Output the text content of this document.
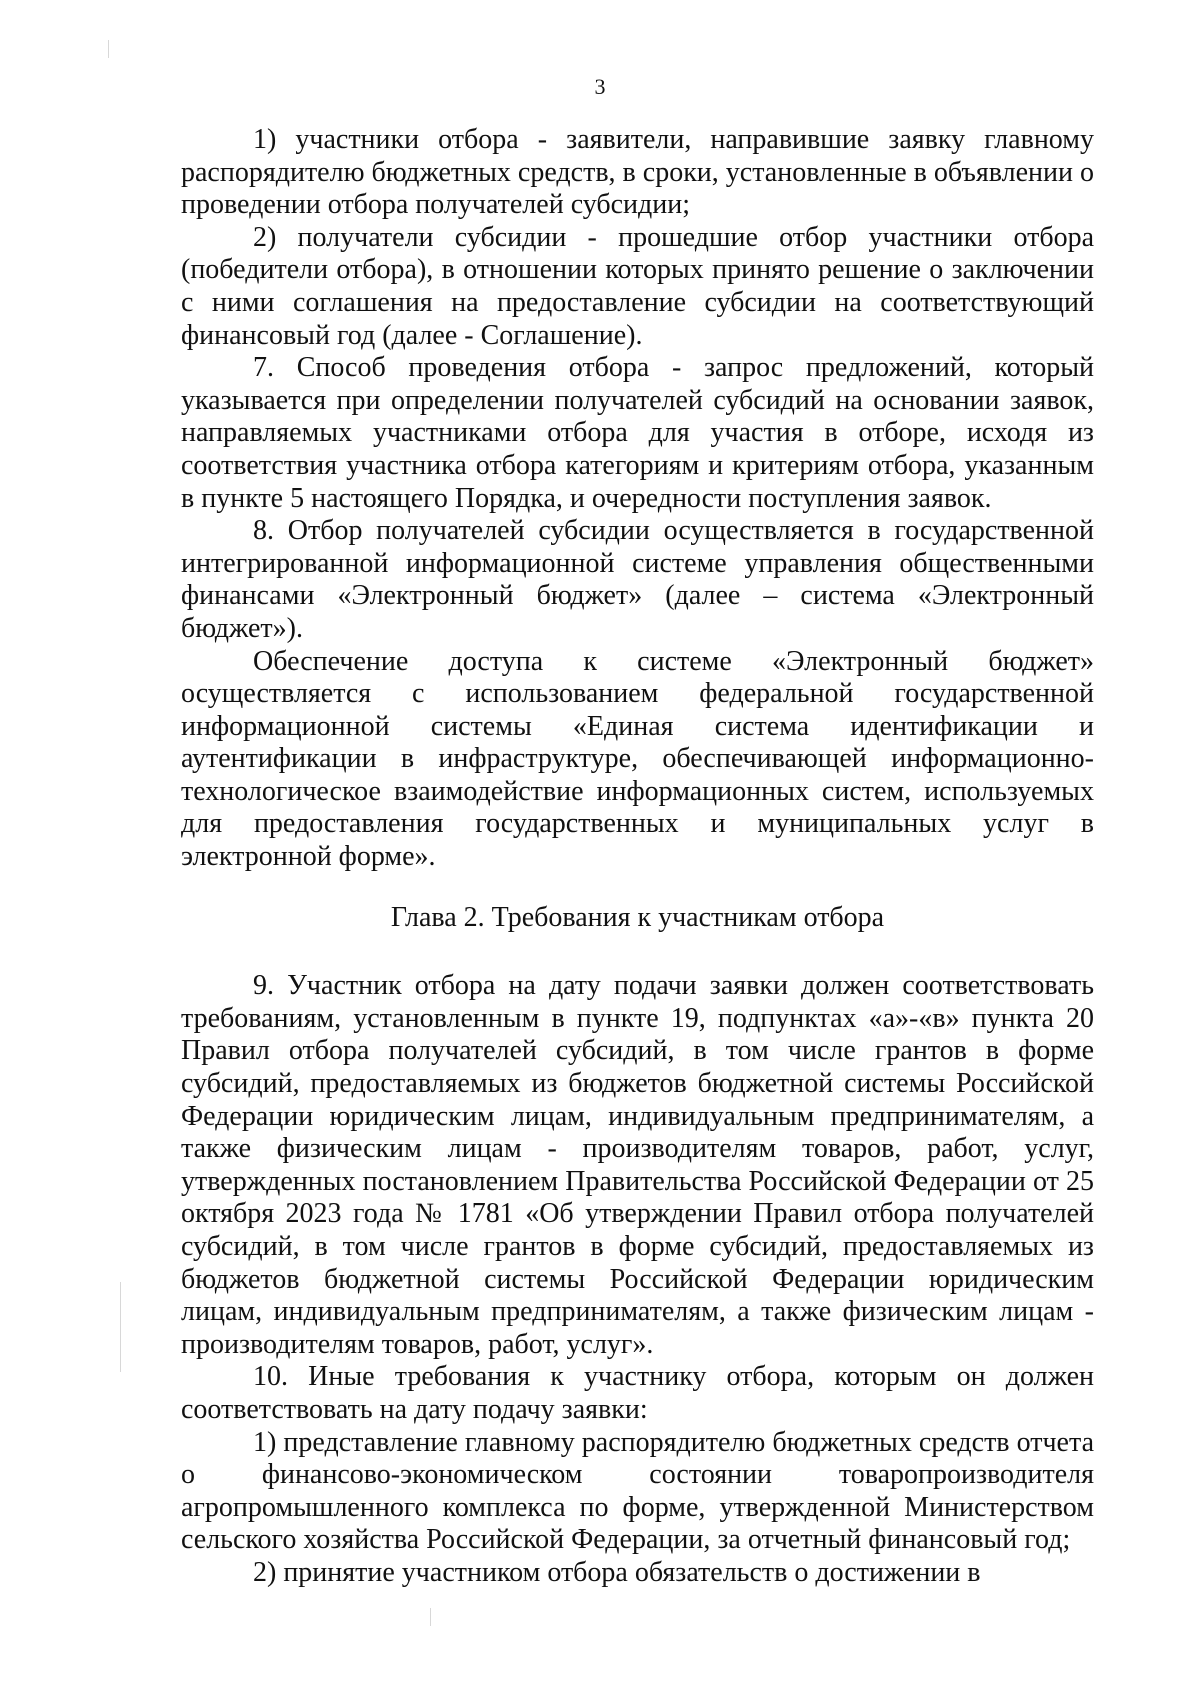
3

1) участники отбора - заявители, направившие заявку главному распорядителю бюджетных средств, в сроки, установленные в объявлении о проведении отбора получателей субсидии;

2) получатели субсидии - прошедшие отбор участники отбора (победители отбора), в отношении которых принято решение о заключении с ними соглашения на предоставление субсидии на соответствующий финансовый год (далее - Соглашение).

7. Способ проведения отбора - запрос предложений, который указывается при определении получателей субсидий на основании заявок, направляемых участниками отбора для участия в отборе, исходя из соответствия участника отбора категориям и критериям отбора, указанным в пункте 5 настоящего Порядка, и очередности поступления заявок.

8. Отбор получателей субсидии осуществляется в государственной интегрированной информационной системе управления общественными финансами «Электронный бюджет» (далее – система «Электронный бюджет»).

Обеспечение доступа к системе «Электронный бюджет» осуществляется с использованием федеральной государственной информационной системы «Единая система идентификации и аутентификации в инфраструктуре, обеспечивающей информационно-технологическое взаимодействие информационных систем, используемых для предоставления государственных и муниципальных услуг в электронной форме».

Глава 2. Требования к участникам отбора

9. Участник отбора на дату подачи заявки должен соответствовать требованиям, установленным в пункте 19, подпунктах «а»-«в» пункта 20 Правил отбора получателей субсидий, в том числе грантов в форме субсидий, предоставляемых из бюджетов бюджетной системы Российской Федерации юридическим лицам, индивидуальным предпринимателям, а также физическим лицам - производителям товаров, работ, услуг, утвержденных постановлением Правительства Российской Федерации от 25 октября 2023 года № 1781 «Об утверждении Правил отбора получателей субсидий, в том числе грантов в форме субсидий, предоставляемых из бюджетов бюджетной системы Российской Федерации юридическим лицам, индивидуальным предпринимателям, а также физическим лицам - производителям товаров, работ, услуг».

10. Иные требования к участнику отбора, которым он должен соответствовать на дату подачу заявки:

1) представление главному распорядителю бюджетных средств отчета о финансово-экономическом состоянии товаропроизводителя агропромышленного комплекса по форме, утвержденной Министерством сельского хозяйства Российской Федерации, за отчетный финансовый год;

2) принятие участником отбора обязательств о достижении в
